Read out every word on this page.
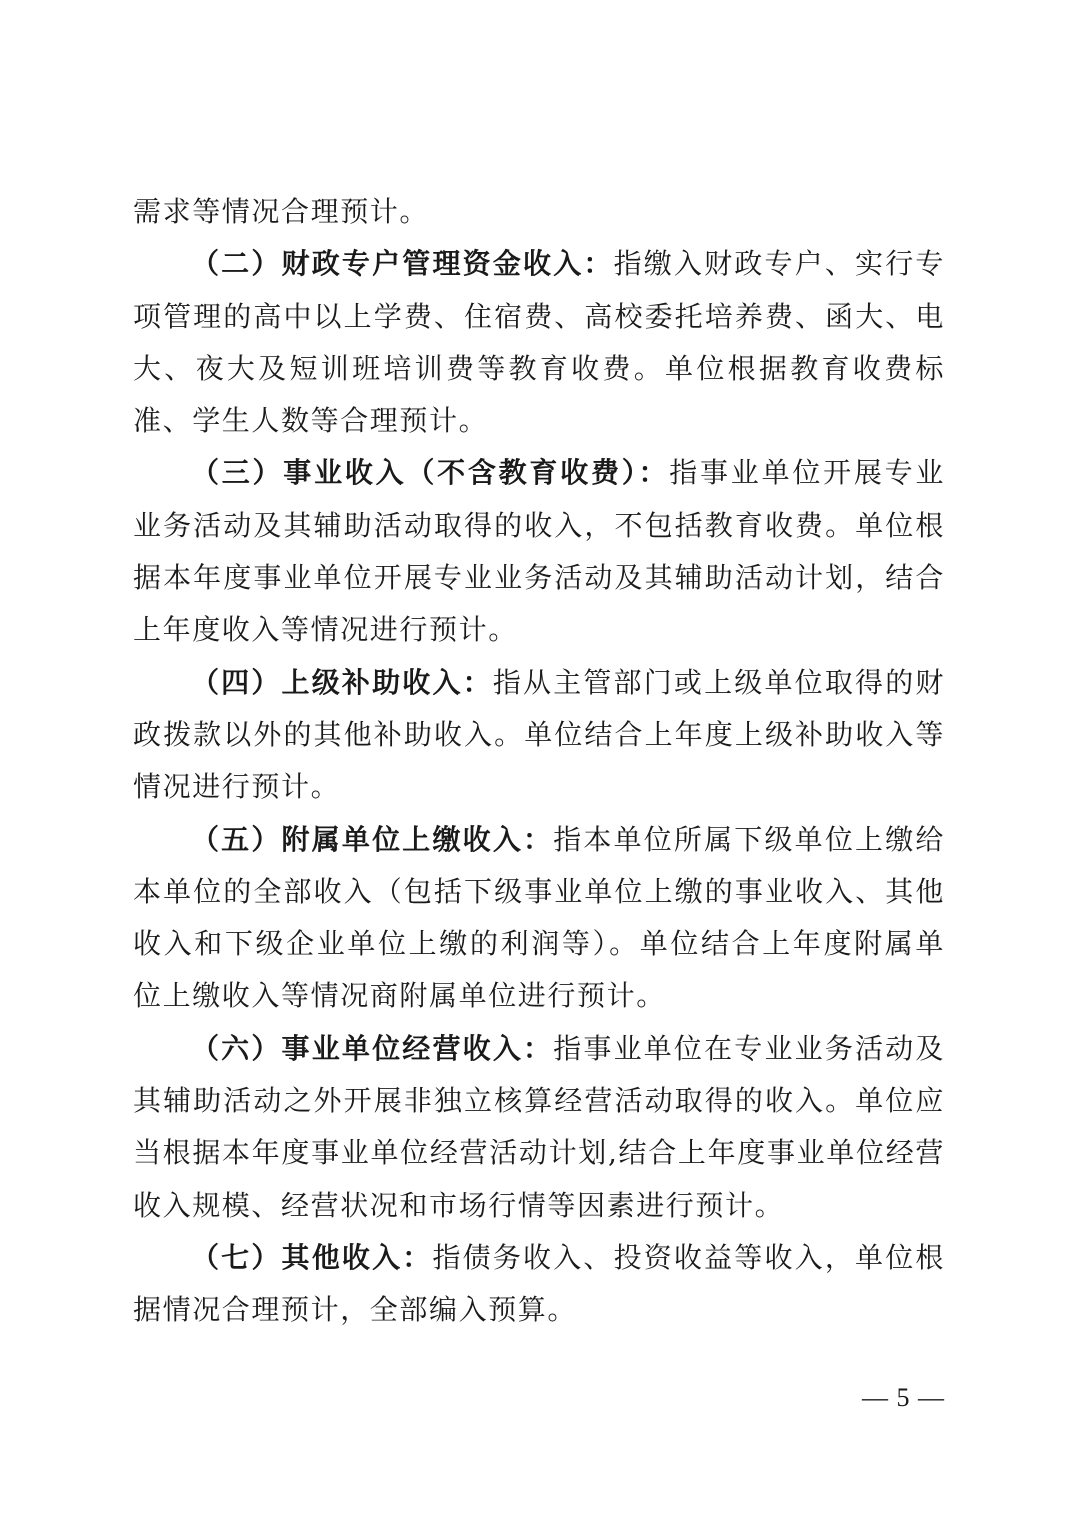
需求等情况合理预计。

（二）财政专户管理资金收入：指缴入财政专户、实行专项管理的高中以上学费、住宿费、高校委托培养费、函大、电大、夜大及短训班培训费等教育收费。单位根据教育收费标准、学生人数等合理预计。

（三）事业收入（不含教育收费）：指事业单位开展专业业务活动及其辅助活动取得的收入，不包括教育收费。单位根据本年度事业单位开展专业业务活动及其辅助活动计划，结合上年度收入等情况进行预计。

（四）上级补助收入：指从主管部门或上级单位取得的财政拨款以外的其他补助收入。单位结合上年度上级补助收入等情况进行预计。

（五）附属单位上缴收入：指本单位所属下级单位上缴给本单位的全部收入（包括下级事业单位上缴的事业收入、其他收入和下级企业单位上缴的利润等）。单位结合上年度附属单位上缴收入等情况商附属单位进行预计。

（六）事业单位经营收入：指事业单位在专业业务活动及其辅助活动之外开展非独立核算经营活动取得的收入。单位应当根据本年度事业单位经营活动计划,结合上年度事业单位经营收入规模、经营状况和市场行情等因素进行预计。

（七）其他收入：指债务收入、投资收益等收入，单位根据情况合理预计，全部编入预算。

— 5 —
